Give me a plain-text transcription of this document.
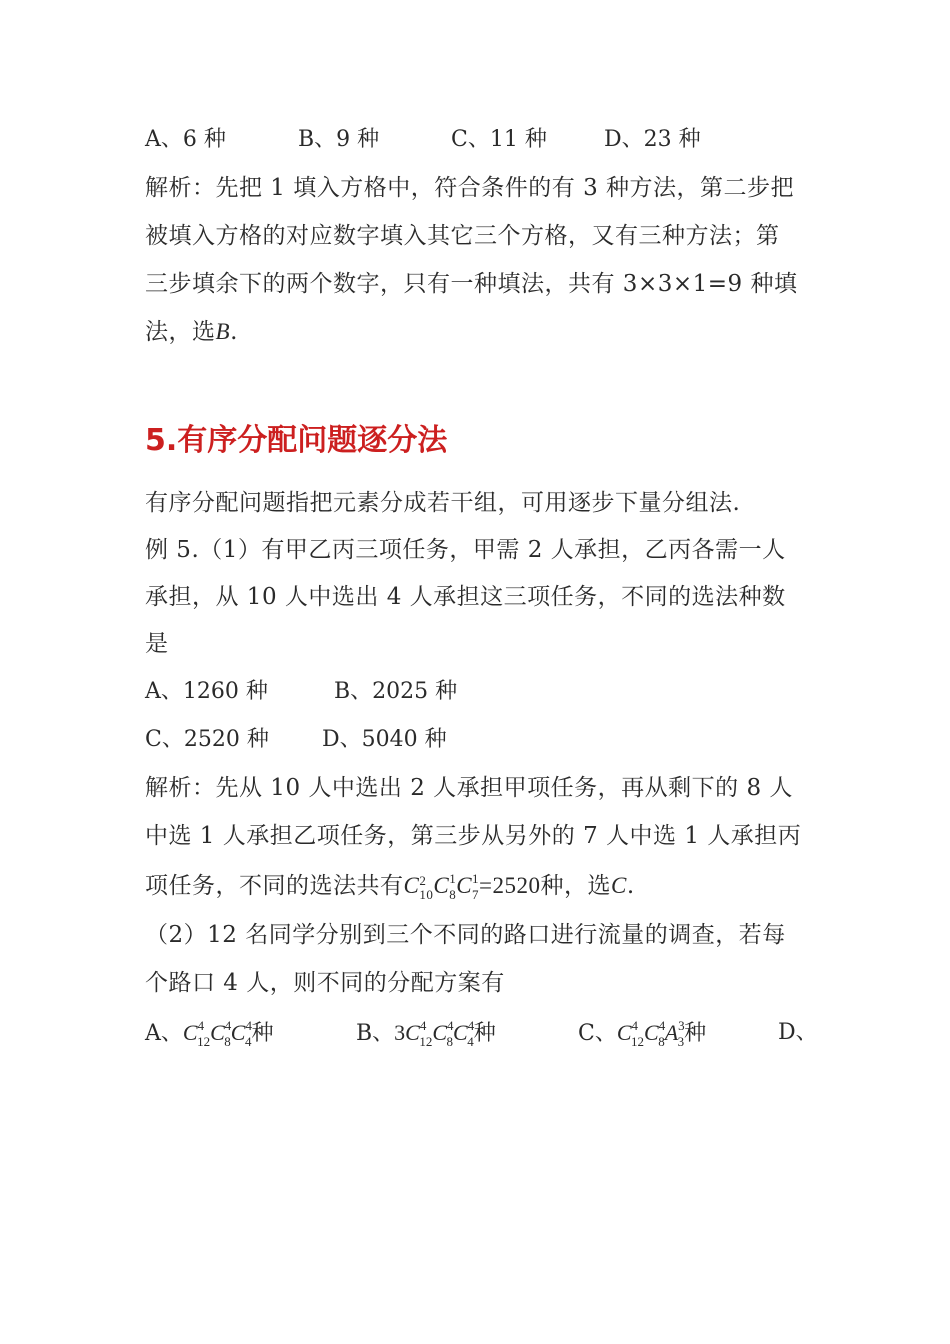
A、6 种	B、9 种	C、11 种	D、23 种
解析：先把 1 填入方格中，符合条件的有 3 种方法，第二步把
被填入方格的对应数字填入其它三个方格，又有三种方法；第
三步填余下的两个数字，只有一种填法，共有 3×3×1=9 种填
法，选B.
5.有序分配问题逐分法
有序分配问题指把元素分成若干组，可用逐步下量分组法.
例 5.（1）有甲乙丙三项任务，甲需 2 人承担，乙丙各需一人
承担，从 10 人中选出 4 人承担这三项任务，不同的选法种数
是
A、1260 种	B、2025 种
C、2520 种 D、5040 种
解析：先从 10 人中选出 2 人承担甲项任务，再从剩下的 8 人
中选 1 人承担乙项任务，第三步从另外的 7 人中选 1 人承担丙
项任务，不同的选法共有$C^2_{10}C^1_8C^1_7=2520$种，选C.
（2）12 名同学分别到三个不同的路口进行流量的调查，若每
个路口 4 人，则不同的分配方案有
A、$C^4_{12}C^4_8C^4_4$种	B、$3C^4_{12}C^4_8C^4_4$种	C、$C^4_{12}C^4_8A^3_3$种	D、
